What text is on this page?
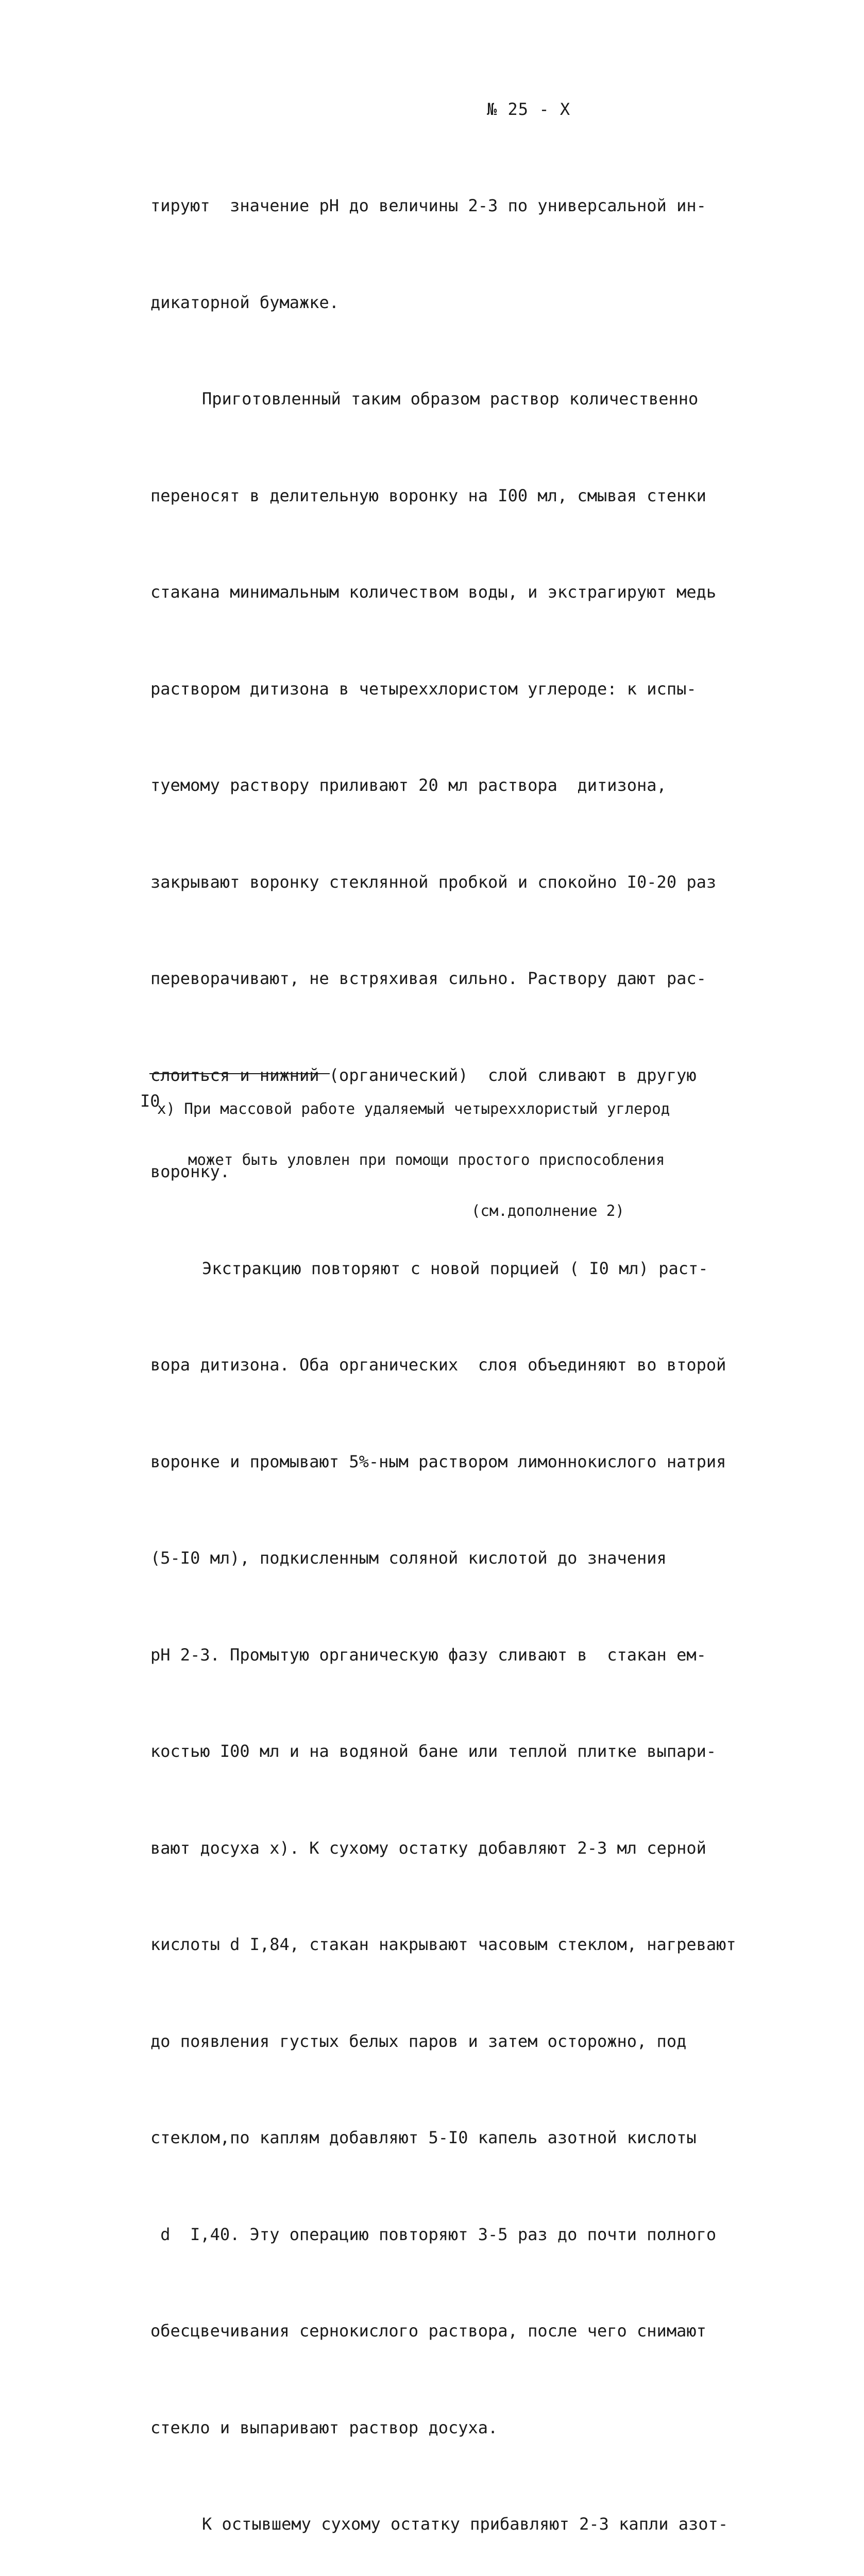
№ 25 - X

тируют  значение рН до величины 2-3 по универсальной ин-

дикаторной бумажке.

Приготовленный таким образом раствор количественно

переносят в делительную воронку на I00 мл, смывая стенки

стакана минимальным количеством воды, и экстрагируют медь

раствором дитизона в четыреххлористом углероде: к испы-

туемому раствору приливают 20 мл раствора  дитизона,

закрывают воронку стеклянной пробкой и спокойно I0-20 раз

переворачивают, не встряхивая сильно. Раствору дают рас-

слоиться и нижний (органический)  слой сливают в другую

воронку.

Экстракцию повторяют с новой порцией ( I0 мл) раст-

вора дитизона. Оба органических  слоя объединяют во второй

воронке и промывают 5%-ным раствором лимоннокислого натрия

(5-I0 мл), подкисленным соляной кислотой до значения

рН 2-3. Промытую органическую фазу сливают в  стакан ем-

костью I00 мл и на водяной бане или теплой плитке выпари-

вают досуха x). К сухому остатку добавляют 2-3 мл серной

кислоты d I,84, стакан накрывают часовым стеклом, нагревают

до появления густых белых паров и затем осторожно, под

стеклом,по каплям добавляют 5-I0 капель азотной кислоты

d  I,40. Эту операцию повторяют 3-5 раз до почти полного

обесцвечивания сернокислого раствора, после чего снимают

стекло и выпаривают раствор досуха.

К остывшему сухому остатку прибавляют 2-3 капли азот-

x) При массовой работе удаляемый четыреххлористый углерод

может быть уловлен при помощи простого приспособления

(см.дополнение 2)

I0
